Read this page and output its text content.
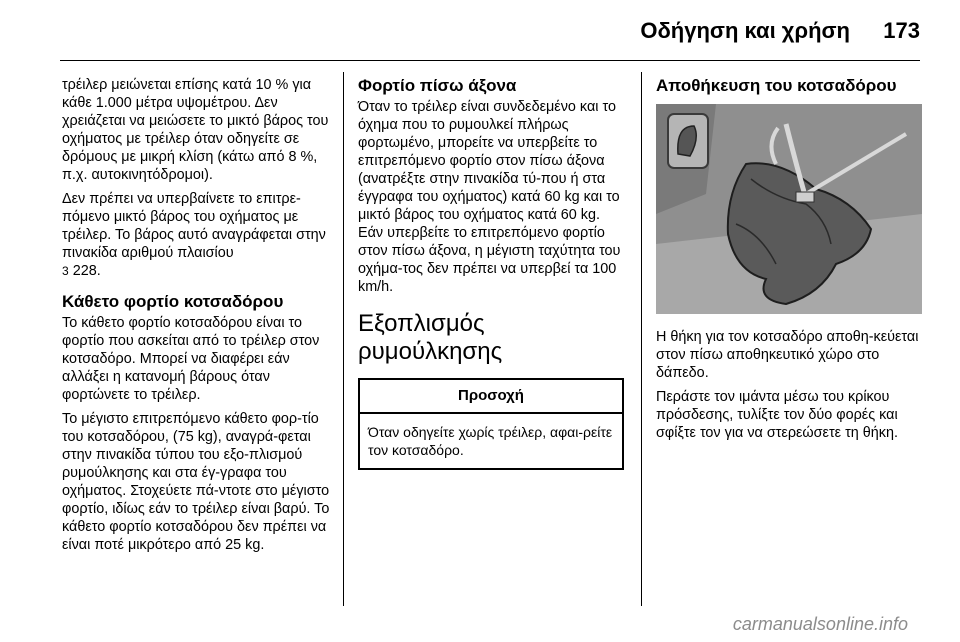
Οδήγηση και χρήση 173

τρέιλερ μειώνεται επίσης κατά 10 % για κάθε 1.000 μέτρα υψομέτρου. Δεν χρειάζεται να μειώσετε το μικτό βάρος του οχήματος με τρέιλερ όταν οδηγείτε σε δρόμους με μικρή κλίση (κάτω από 8 %, π.χ. αυτοκινητόδρομοι).

Δεν πρέπει να υπερβαίνετε το επιτρε-πόμενο μικτό βάρος του οχήματος με τρέιλερ. Το βάρος αυτό αναγράφεται στην πινακίδα αριθμού πλαισίου
3 228.

Κάθετο φορτίο κοτσαδόρου

Το κάθετο φορτίο κοτσαδόρου είναι το φορτίο που ασκείται από το τρέιλερ στον κοτσαδόρο. Μπορεί να διαφέρει εάν αλλάξει η κατανομή βάρους όταν φορτώνετε το τρέιλερ.

Το μέγιστο επιτρεπόμενο κάθετο φορ-τίο του κοτσαδόρου, (75 kg), αναγρά-φεται στην πινακίδα τύπου του εξο-πλισμού ρυμούλκησης και στα έγ-γραφα του οχήματος. Στοχεύετε πά-ντοτε στο μέγιστο φορτίο, ιδίως εάν το τρέιλερ είναι βαρύ. Το κάθετο φορτίο κοτσαδόρου δεν πρέπει να είναι ποτέ μικρότερο από 25 kg.

Φορτίο πίσω άξονα

Όταν το τρέιλερ είναι συνδεδεμένο και το όχημα που το ρυμουλκεί πλήρως φορτωμένο, μπορείτε να υπερβείτε το επιτρεπόμενο φορτίο στον πίσω άξονα (ανατρέξτε στην πινακίδα τύ-που ή στα έγγραφα του οχήματος) κατά 60 kg και το μικτό βάρος του οχήματος κατά 60 kg. Εάν υπερβείτε το επιτρεπόμενο φορτίο στον πίσω άξονα, η μέγιστη ταχύτητα του οχήμα-τος δεν πρέπει να υπερβεί τα 100 km/h.

Εξοπλισμός ρυμούλκησης
Προσοχή
Όταν οδηγείτε χωρίς τρέιλερ, αφαι-ρείτε τον κοτσαδόρο.
Αποθήκευση του κοτσαδόρου

Η θήκη για τον κοτσαδόρο αποθη-κεύεται στον πίσω αποθηκευτικό χώρο στο δάπεδο.

Περάστε τον ιμάντα μέσω του κρίκου πρόσδεσης, τυλίξτε τον δύο φορές και σφίξτε τον για να στερεώσετε τη θήκη.

carmanualsonline.info
